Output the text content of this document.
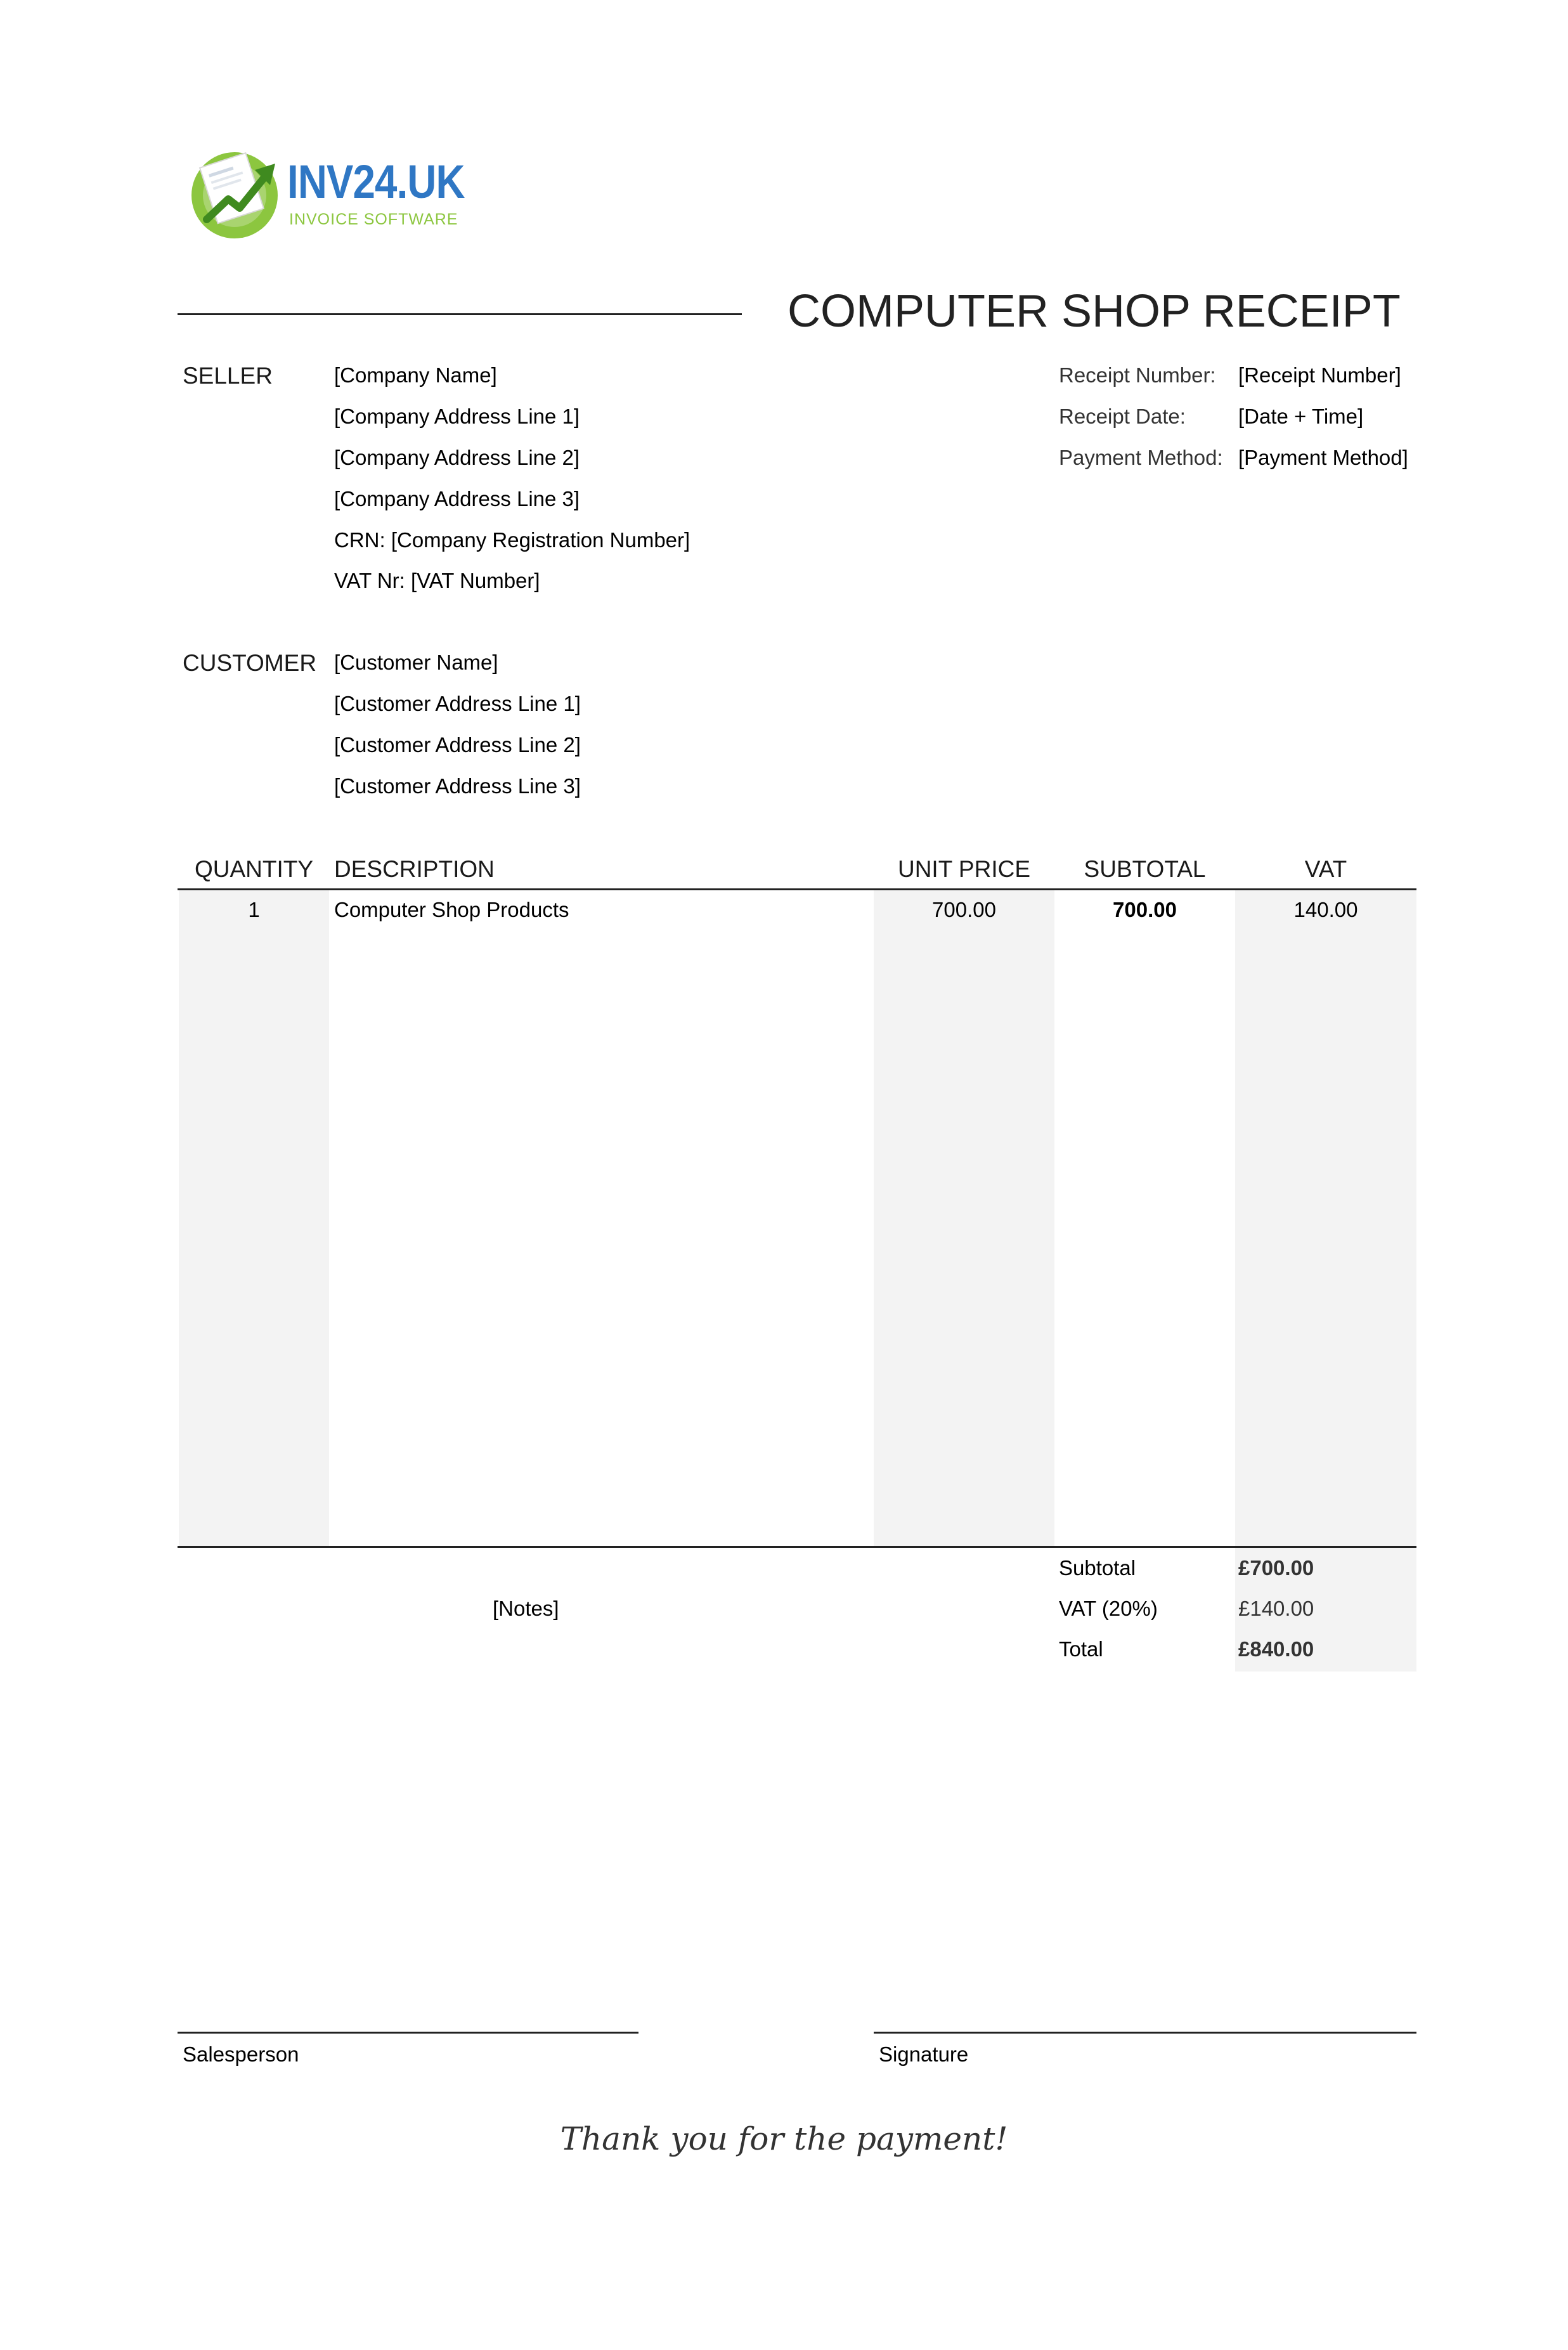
INV24.UK
INVOICE SOFTWARE
COMPUTER SHOP RECEIPT
SELLER	[Company Name]
[Company Address Line 1]
[Company Address Line 2]
[Company Address Line 3]
CRN: [Company Registration Number]
VAT Nr: [VAT Number]
Receipt Number: [Receipt Number]
Receipt Date:	[Date + Time]
Payment Method: [Payment Method]
CUSTOMER [Customer Name]
[Customer Address Line 1]
[Customer Address Line 2]
[Customer Address Line 3]
QUANTITY DESCRIPTION	UNIT PRICE	SUBTOTAL	VAT
1	Computer Shop Products	700.00	700.00	140.00
[Notes]
Subtotal	£700.00
VAT (20%)	£140.00
Total	£840.00
Salesperson	Signature
Thank you for the payment!
